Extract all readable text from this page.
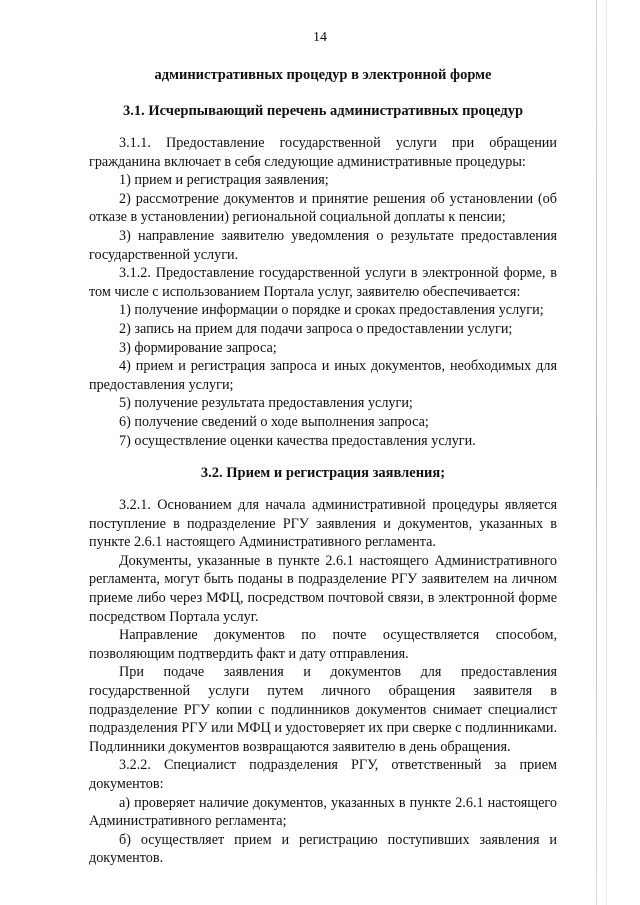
14
административных процедур в электронной форме
3.1. Исчерпывающий перечень административных процедур

3.1.1. Предоставление государственной услуги при обращении гражданина включает в себя следующие административные процедуры:

1) прием и регистрация заявления;

2) рассмотрение документов и принятие решения об установлении (об отказе в установлении) региональной социальной доплаты к пенсии;

3) направление заявителю уведомления о результате предоставления государственной услуги.

3.1.2. Предоставление государственной услуги в электронной форме, в том числе с использованием Портала услуг, заявителю обеспечивается:

1) получение информации о порядке и сроках предоставления услуги;

2) запись на прием для подачи запроса о предоставлении услуги;

3) формирование запроса;

4) прием и регистрация запроса и иных документов, необходимых для предоставления услуги;

5) получение результата предоставления услуги;

6) получение сведений о ходе выполнения запроса;

7) осуществление оценки качества предоставления услуги.

3.2. Прием и регистрация заявления;

3.2.1. Основанием для начала административной процедуры является поступление в подразделение РГУ заявления и документов, указанных в пункте 2.6.1 настоящего Административного регламента.

Документы, указанные в пункте 2.6.1 настоящего Административного регламента, могут быть поданы в подразделение РГУ заявителем на личном приеме либо через МФЦ, посредством почтовой связи, в электронной форме посредством Портала услуг.

Направление документов по почте осуществляется способом, позволяющим подтвердить факт и дату отправления.

При подаче заявления и документов для предоставления государственной услуги путем личного обращения заявителя в подразделение РГУ копии с подлинников документов снимает специалист подразделения РГУ или МФЦ и удостоверяет их при сверке с подлинниками. Подлинники документов возвращаются заявителю в день обращения.

3.2.2. Специалист подразделения РГУ, ответственный за прием документов:

а) проверяет наличие документов, указанных в пункте 2.6.1 настоящего Административного регламента;

б) осуществляет прием и регистрацию поступивших заявления и документов.
